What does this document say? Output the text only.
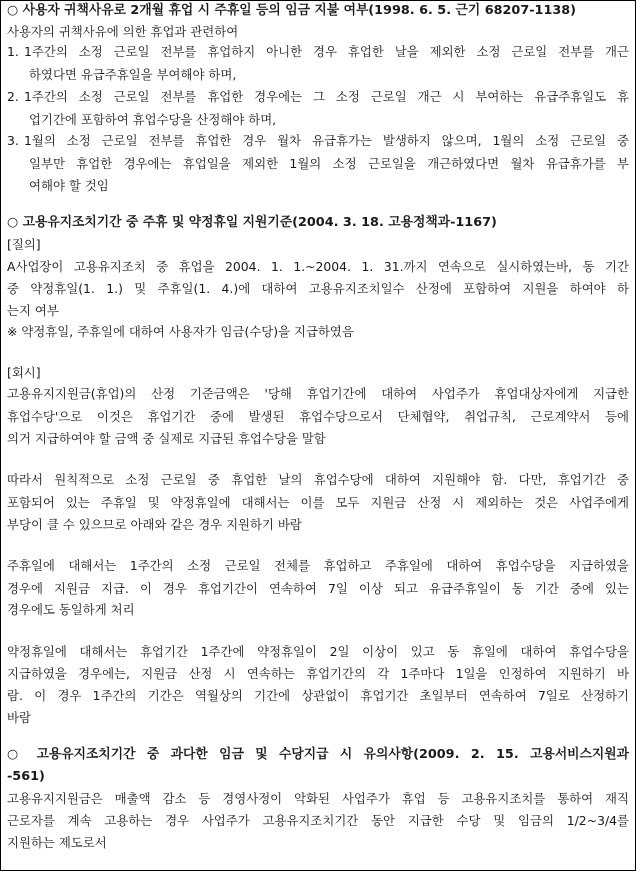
○ 사용자 귀책사유로 2개월 휴업 시 주휴일 등의 임금 지불 여부(1998. 6. 5. 근기 68207-1138)
사용자의 귀책사유에 의한 휴업과 관련하여
1. 1주간의 소정 근로일 전부를 휴업하지 아니한 경우 휴업한 날을 제외한 소정 근로일 전부를 개근
하였다면 유급주휴일을 부여해야 하며,
2. 1주간의 소정 근로일 전부를 휴업한 경우에는 그 소정 근로일 개근 시 부여하는 유급주휴일도 휴
업기간에 포함하여 휴업수당을 산정해야 하며,
3. 1월의 소정 근로일 전부를 휴업한 경우 월차 유급휴가는 발생하지 않으며, 1월의 소정 근로일 중
일부만 휴업한 경우에는 휴업일을 제외한 1월의 소정 근로일을 개근하였다면 월차 유급휴가를 부
여해야 할 것임
○ 고용유지조치기간 중 주휴 및 약정휴일 지원기준(2004. 3. 18. 고용정책과-1167)
[질의]
A사업장이 고용유지조치 중 휴업을 2004. 1. 1.~2004. 1. 31.까지 연속으로 실시하였는바, 동 기간
중 약정휴일(1. 1.) 및 주휴일(1. 4.)에 대하여 고용유지조치일수 산정에 포함하여 지원을 하여야 하
는지 여부
※ 약정휴일, 주휴일에 대하여 사용자가 임금(수당)을 지급하였음
[회시]
고용유지지원금(휴업)의 산정 기준금액은 '당해 휴업기간에 대하여 사업주가 휴업대상자에게 지급한
휴업수당'으로 이것은 휴업기간 중에 발생된 휴업수당으로서 단체협약, 취업규칙, 근로계약서 등에
의거 지급하여야 할 금액 중 실제로 지급된 휴업수당을 말함
따라서 원칙적으로 소정 근로일 중 휴업한 날의 휴업수당에 대하여 지원해야 함. 다만, 휴업기간 중
포함되어 있는 주휴일 및 약정휴일에 대해서는 이를 모두 지원금 산정 시 제외하는 것은 사업주에게
부당이 클 수 있으므로 아래와 같은 경우 지원하기 바람
주휴일에 대해서는 1주간의 소정 근로일 전체를 휴업하고 주휴일에 대하여 휴업수당을 지급하였을
경우에 지원금 지급. 이 경우 휴업기간이 연속하여 7일 이상 되고 유급주휴일이 동 기간 중에 있는
경우에도 동일하게 처리
약정휴일에 대해서는 휴업기간 1주간에 약정휴일이 2일 이상이 있고 동 휴일에 대하여 휴업수당을
지급하였을 경우에는, 지원금 산정 시 연속하는 휴업기간의 각 1주마다 1일을 인정하여 지원하기 바
람. 이 경우 1주간의 기간은 역월상의 기간에 상관없이 휴업기간 초일부터 연속하여 7일로 산정하기
바람
○ 고용유지조치기간 중 과다한 임금 및 수당지급 시 유의사항(2009. 2. 15. 고용서비스지원과
-561)
고용유지지원금은 매출액 감소 등 경영사정이 악화된 사업주가 휴업 등 고용유지조치를 통하여 재직
근로자를 계속 고용하는 경우 사업주가 고용유지조치기간 동안 지급한 수당 및 임금의 1/2~3/4를
지원하는 제도로서
